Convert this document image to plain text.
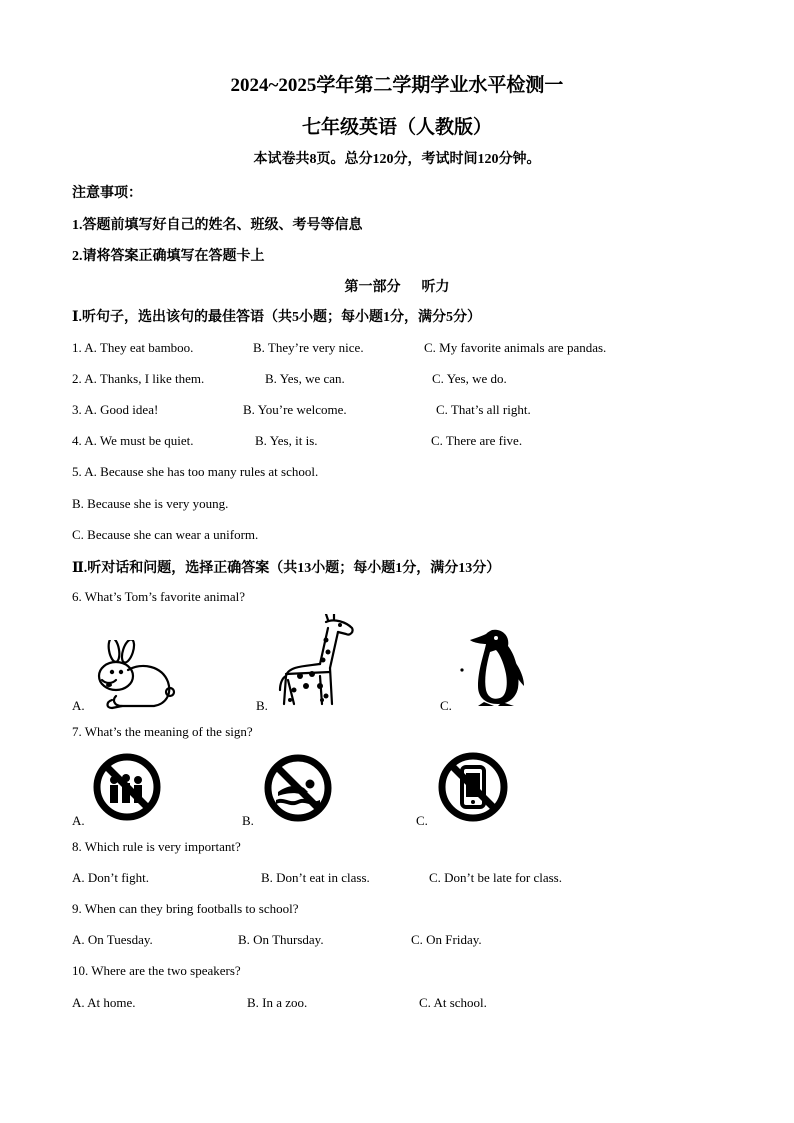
2024~2025学年第二学期学业水平检测一
七年级英语（人教版）
本试卷共8页。总分120分，考试时间120分钟。
注意事项：
1.答题前填写好自己的姓名、班级、考号等信息
2.请将答案正确填写在答题卡上
第一部分 听力
Ⅰ.听句子，选出该句的最佳答语（共5小题；每小题1分，满分5分）
1. A. They eat bamboo.	B. They’re very nice.	C. My favorite animals are pandas.
2. A. Thanks, I like them.	B. Yes, we can.	C. Yes, we do.
3. A. Good idea!	B. You’re welcome.	C. That’s all right.
4. A. We must be quiet.	B. Yes, it is.	C. There are five.
5. A. Because she has too many rules at school.
B. Because she is very young.
C. Because she can wear a uniform.
Ⅱ.听对话和问题，选择正确答案（共13小题；每小题1分，满分13分）
6. What’s Tom’s favorite animal?
A.	B.	C.
7. What’s the meaning of the sign?
A.	B.	C.
8. Which rule is very important?
A. Don’t fight.	B. Don’t eat in class.	C. Don’t be late for class.
9. When can they bring footballs to school?
A. On Tuesday.	B. On Thursday.	C. On Friday.
10. Where are the two speakers?
A. At home.	B. In a zoo.	C. At school.
